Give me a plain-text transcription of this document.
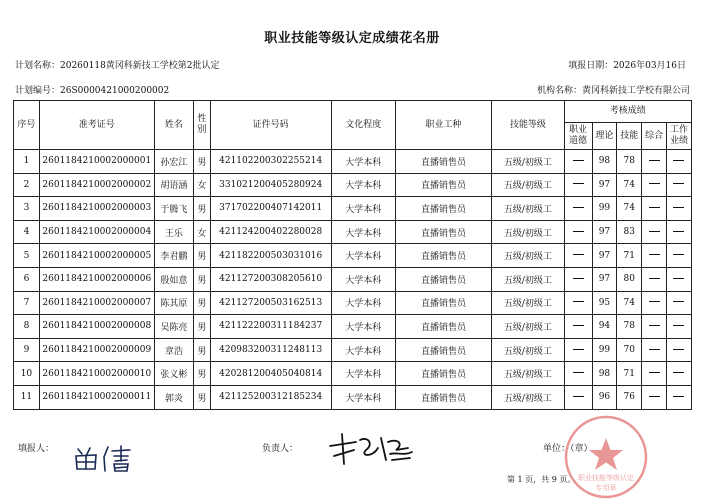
职业技能等级认定成绩花名册
计划名称：20260118黄冈科新技工学校第2批认定	填报日期：2026年03月16日
计划编号：26S0000421000200002	机构名称：黄冈科新技工学校有限公司
序号	准考证号	姓名	性别	证件号码	文化程度	职业工种	技能等级	考核成绩				
								职业道德	理论	技能	综合	工作业绩
1	2601184210002000001	孙宏江	男	421102200302255214	大学本科	直播销售员	五级/初级工		98	78		
2	2601184210002000002	胡语涵	女	331021200405280924	大学本科	直播销售员	五级/初级工		97	74		
3	2601184210002000003	于腾飞	男	371702200407142011	大学本科	直播销售员	五级/初级工		99	74		
4	2601184210002000004	王乐	女	421124200402280028	大学本科	直播销售员	五级/初级工		97	83		
5	2601184210002000005	李君鹏	男	421182200503031016	大学本科	直播销售员	五级/初级工		97	71		
6	2601184210002000006	殷如意	男	421127200308205610	大学本科	直播销售员	五级/初级工		97	80		
7	2601184210002000007	陈其原	男	421127200503162513	大学本科	直播销售员	五级/初级工		95	74		
8	2601184210002000008	吴陈亮	男	421122200311184237	大学本科	直播销售员	五级/初级工		94	78		
9	2601184210002000009	章浩	男	420983200311248113	大学本科	直播销售员	五级/初级工		99	70		
10	2601184210002000010	张义彬	男	420281200405040814	大学本科	直播销售员	五级/初级工		98	71		
11	2601184210002000011	郭炎	男	421125200312185234	大学本科	直播销售员	五级/初级工		96	76		
填报人：	负责人：	单位：（章）
职业技能等级认定
专用章
第 1 页，共 9 页。
